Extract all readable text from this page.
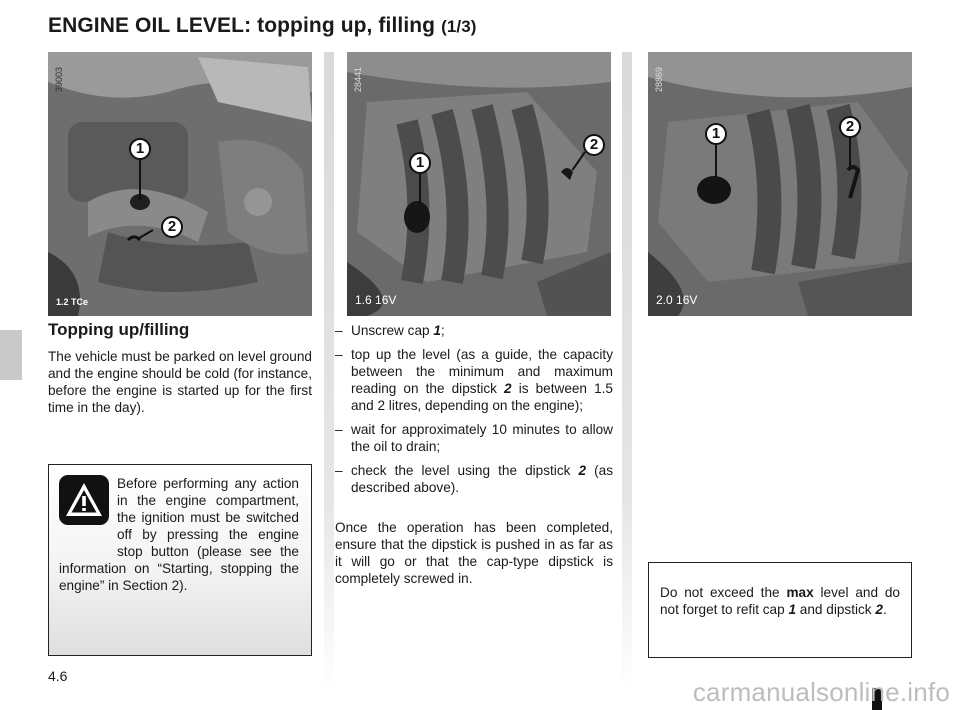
ENGINE OIL LEVEL: topping up, filling (1/3)
1
2
39003
1.2 TCe
1
2
28441
1.6 16V
1	2
28869
2.0 16V
Topping up/filling

The vehicle must be parked on level ground and the engine should be cold (for instance, before the engine is started up for the first time in the day).

Before performing any action in the engine compartment, the ignition must be switched off by pressing the engine stop button (please see the information on “Starting, stopping the engine” in Section 2).

– Unscrew cap 1;
– top up the level (as a guide, the capacity between the minimum and maximum reading on the dipstick 2 is between 1.5 and 2 litres, depending on the engine);
– wait for approximately 10 minutes to allow the oil to drain;
– check the level using the dipstick 2 (as described above).

Once the operation has been completed, ensure that the dipstick is pushed in as far as it will go or that the cap-type dipstick is completely screwed in.

Do not exceed the max level and do not forget to refit cap 1 and dipstick 2.

4.6
carmanualsonline.info
